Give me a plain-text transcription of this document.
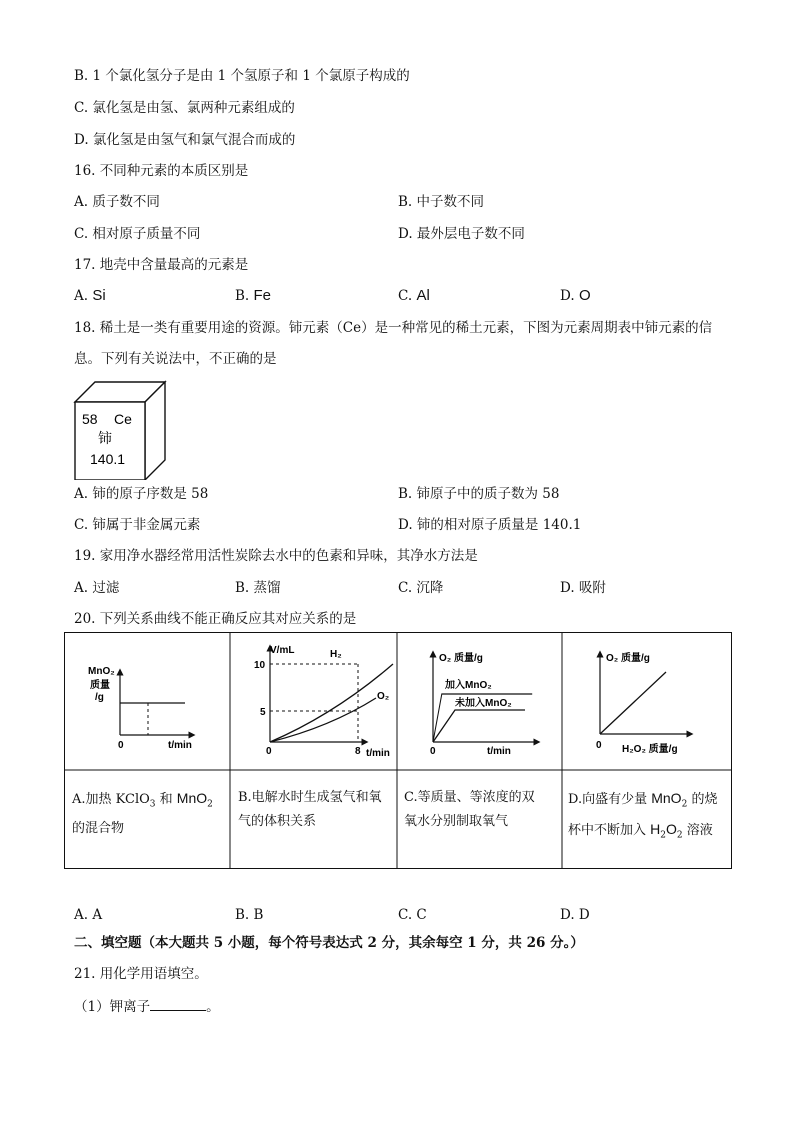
B. 1 个氯化氢分子是由 1 个氢原子和 1 个氯原子构成的
C. 氯化氢是由氢、氯两种元素组成的
D. 氯化氢是由氢气和氯气混合而成的
16. 不同种元素的本质区别是
A. 质子数不同	B. 中子数不同
C. 相对原子质量不同	D. 最外层电子数不同
17. 地壳中含量最高的元素是
A. Si	B. Fe	C. Al	D. O
18. 稀土是一类有重要用途的资源。铈元素（Ce）是一种常见的稀土元素，下图为元素周期表中铈元素的信
息。下列有关说法中，不正确的是
58 Ce
铈
140.1
A. 铈的原子序数是 58	B. 铈原子中的质子数为 58
C. 铈属于非金属元素	D. 铈的相对原子质量是 140.1
19. 家用净水器经常用活性炭除去水中的色素和异味，其净水方法是
A. 过滤	B. 蒸馏	C. 沉降	D. 吸附
20. 下列关系曲线不能正确反应其对应关系的是
MnO₂
质量
/g
0	t/min
V/mL	H₂
O₂
10
5
0	8 t/min
O₂ 质量/g
加入MnO₂
未加入MnO₂
0	t/min
O₂ 质量/g
0 H₂O₂ 质量/g
A.加热 KClO$_3$ 和 MnO$_2$
的混合物
B.电解水时生成氢气和氧
气的体积关系
C.等质量、等浓度的双
氧水分别制取氧气
D.向盛有少量 MnO$_2$ 的烧
杯中不断加入 $H_2O_2$ 溶液
A. A	B. B	C. C	D. D
二、填空题（本大题共 5 小题，每个符号表达式 2 分，其余每空 1 分，共 26 分。）
21. 用化学用语填空。
（1）钾离子	。
